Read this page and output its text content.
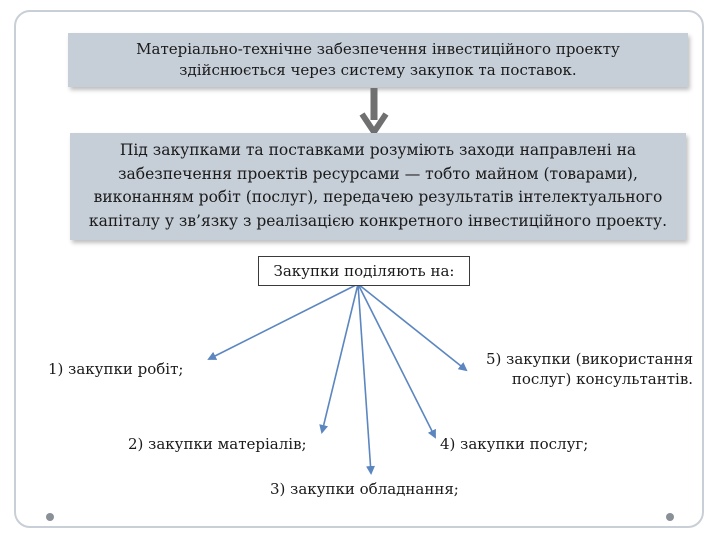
Матеріально-технічне забезпечення інвестиційного проекту
здійснюється через систему закупок та поставок.
Під закупками та поставками розуміють заходи направлені на
забезпечення проектів ресурсами — тобто майном (товарами),
виконанням робіт (послуг), передачею результатів інтелектуального
капіталу у зв’язку з реалізацією конкретного інвестиційного проекту.
Закупки поділяють на:
1) закупки робіт;
2) закупки матеріалів;
3) закупки обладнання;
4) закупки послуг;
5) закупки (використання
послуг) консультантів.
